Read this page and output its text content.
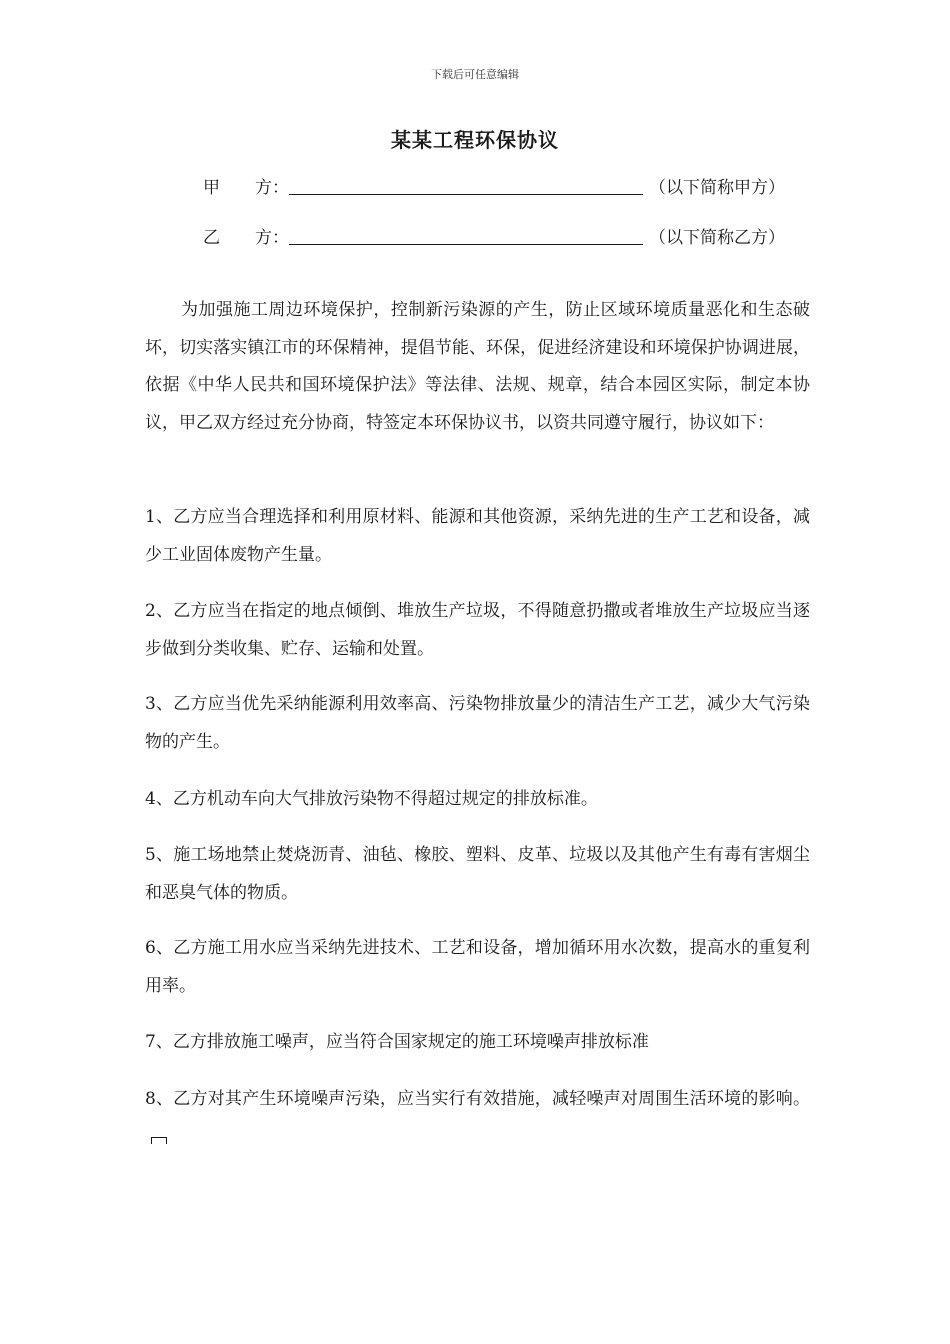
下载后可任意编辑
某某工程环保协议
甲 方：	（以下简称甲方）
乙 方：	（以下简称乙方）

为加强施工周边环境保护，控制新污染源的产生，防止区域环境质量恶化和生态破坏，切实落实镇江市的环保精神，提倡节能、环保，促进经济建设和环境保护协调进展，依据《中华人民共和国环境保护法》等法律、法规、规章，结合本园区实际，制定本协议，甲乙双方经过充分协商，特签定本环保协议书，以资共同遵守履行，协议如下：

1、乙方应当合理选择和利用原材料、能源和其他资源，采纳先进的生产工艺和设备，减少工业固体废物产生量。

2、乙方应当在指定的地点倾倒、堆放生产垃圾，不得随意扔撒或者堆放生产垃圾应当逐步做到分类收集、贮存、运输和处置。

3、乙方应当优先采纳能源利用效率高、污染物排放量少的清洁生产工艺，减少大气污染物的产生。

4、乙方机动车向大气排放污染物不得超过规定的排放标准。

5、施工场地禁止焚烧沥青、油毡、橡胶、塑料、皮革、垃圾以及其他产生有毒有害烟尘和恶臭气体的物质。

6、乙方施工用水应当采纳先进技术、工艺和设备，增加循环用水次数，提高水的重复利用率。

7、乙方排放施工噪声，应当符合国家规定的施工环境噪声排放标准

8、乙方对其产生环境噪声污染，应当实行有效措施，减轻噪声对周围生活环境的影响。
